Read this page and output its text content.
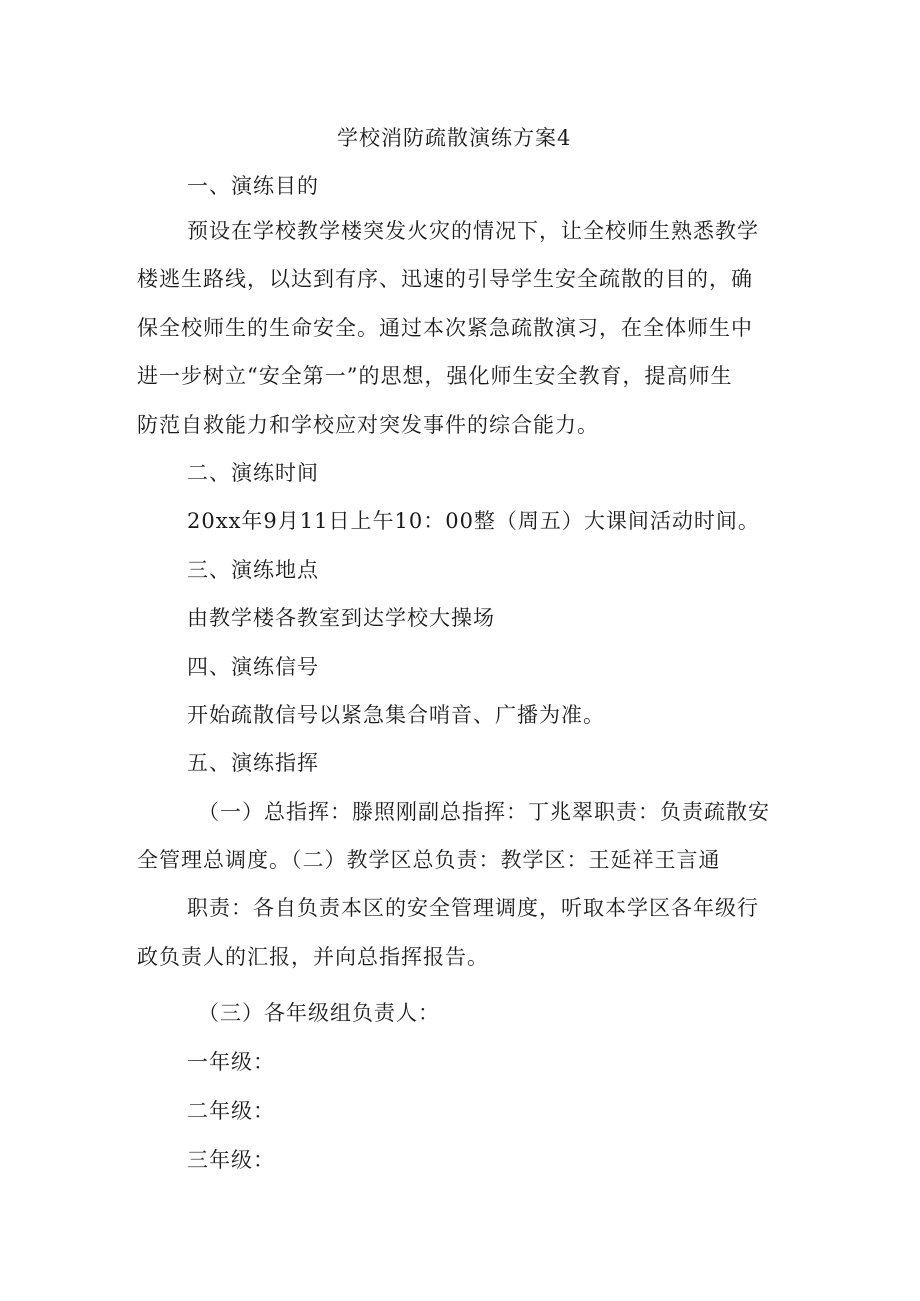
学校消防疏散演练方案4
一、演练目的
预设在学校教学楼突发火灾的情况下，让全校师生熟悉教学
楼逃生路线，以达到有序、迅速的引导学生安全疏散的目的，确
保全校师生的生命安全。通过本次紧急疏散演习，在全体师生中
进一步树立“安全第一”的思想，强化师生安全教育，提高师生
防范自救能力和学校应对突发事件的综合能力。
二、演练时间
20xx年9月11日上午10：00整（周五）大课间活动时间。
三、演练地点
由教学楼各教室到达学校大操场
四、演练信号
开始疏散信号以紧急集合哨音、广播为准。
五、演练指挥
（一）总指挥：滕照刚副总指挥：丁兆翠职责：负责疏散安
全管理总调度。（二）教学区总负责：教学区：王延祥王言通
职责：各自负责本区的安全管理调度，听取本学区各年级行
政负责人的汇报，并向总指挥报告。
（三）各年级组负责人：
一年级：
二年级：
三年级：
